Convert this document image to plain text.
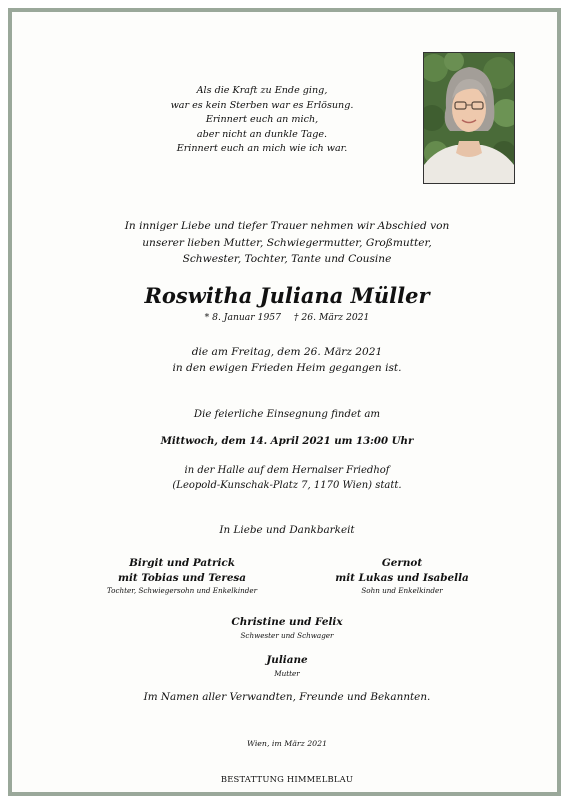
Als die Kraft zu Ende ging,
war es kein Sterben war es Erlösung.
Erinnert euch an mich,
aber nicht an dunkle Tage.
Erinnert euch an mich wie ich war.
In inniger Liebe und tiefer Trauer nehmen wir Abschied von
unserer lieben Mutter, Schwiegermutter, Großmutter,
Schwester, Tochter, Tante und Cousine
Roswitha Juliana Müller
* 8. Januar 1957 † 26. März 2021
die am Freitag, dem 26. März 2021
in den ewigen Frieden Heim gegangen ist.
Die feierliche Einsegnung findet am
Mittwoch, dem 14. April 2021 um 13:00 Uhr
in der Halle auf dem Hernalser Friedhof
(Leopold-Kunschak-Platz 7, 1170 Wien) statt.
In Liebe und Dankbarkeit
Birgit und Patrick
mit Tobias und Teresa
Tochter, Schwiegersohn und Enkelkinder
Gernot
mit Lukas und Isabella
Sohn und Enkelkinder
Christine und Felix
Schwester und Schwager
Juliane
Mutter
Im Namen aller Verwandten, Freunde und Bekannten.
Wien, im März 2021
BESTATTUNG HIMMELBLAU
